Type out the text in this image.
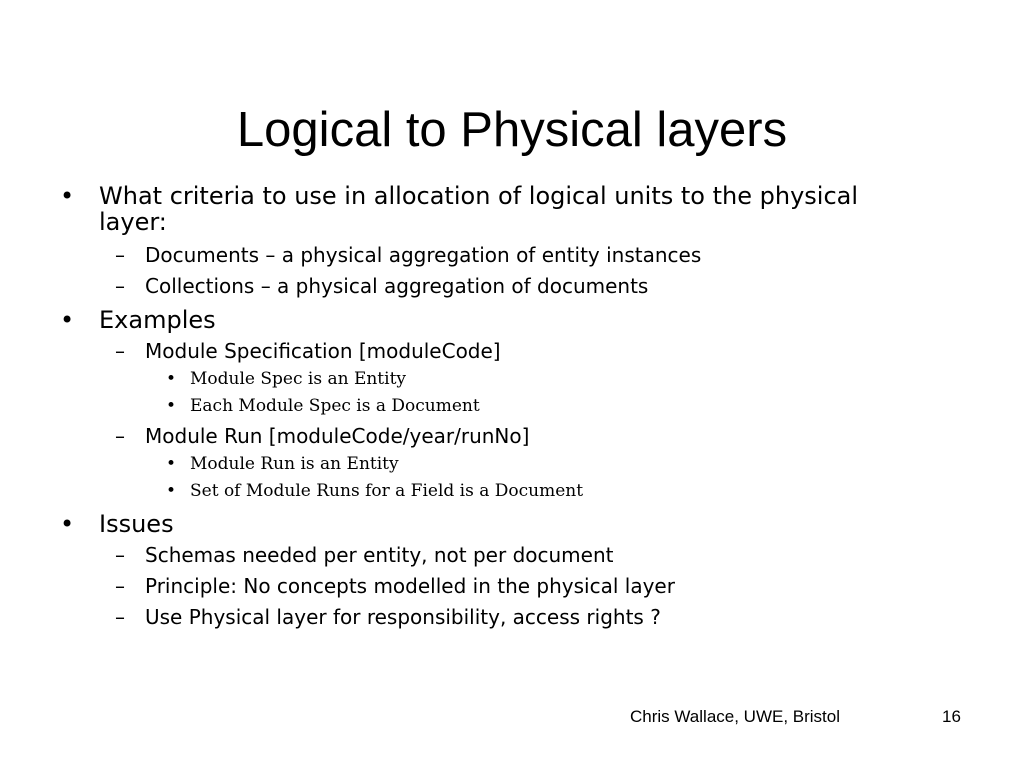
Logical to Physical layers
• What criteria to use in allocation of logical units to the physical
layer:
– Documents – a physical aggregation of entity instances
– Collections – a physical aggregation of documents
• Examples
– Module Specification [moduleCode]
• Module Spec is an Entity
• Each Module Spec is a Document
– Module Run [moduleCode/year/runNo]
• Module Run is an Entity
• Set of Module Runs for a Field is a Document
• Issues
– Schemas needed per entity, not per document
– Principle: No concepts modelled in the physical layer
– Use Physical layer for responsibility, access rights ?
Chris Wallace, UWE, Bristol	16
